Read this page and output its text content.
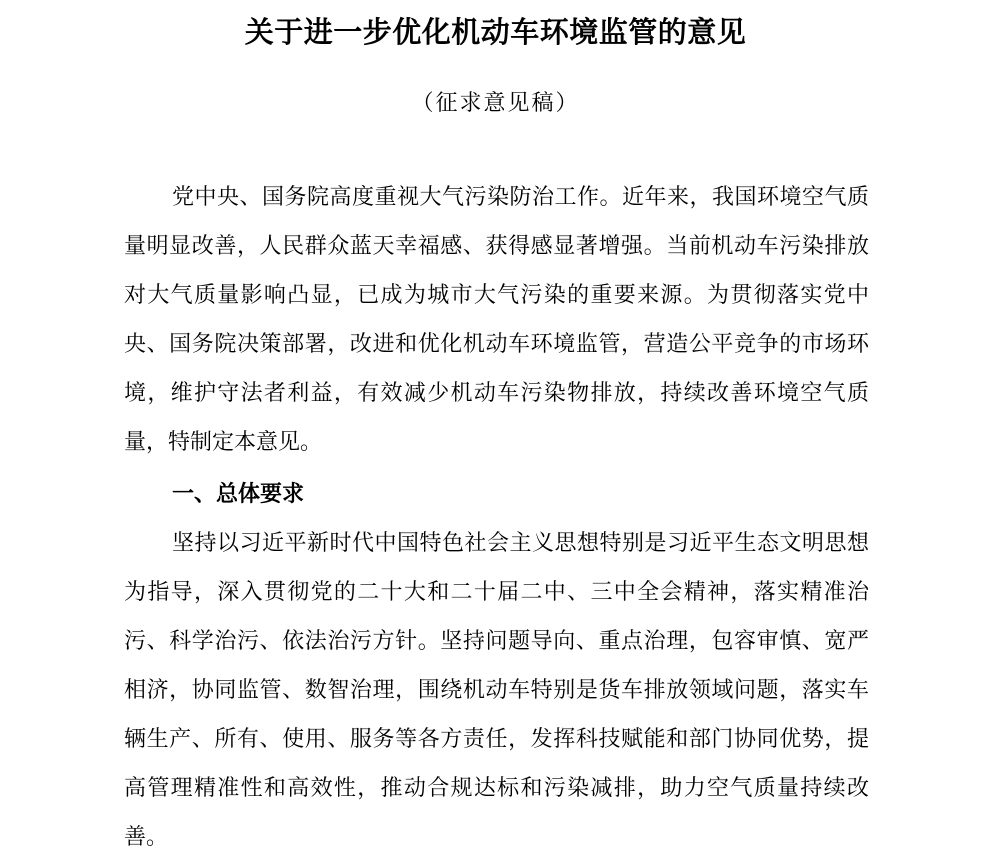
关于进一步优化机动车环境监管的意见
（征求意见稿）

党中央、国务院高度重视大气污染防治工作。近年来，我国环境空气质量明显改善，人民群众蓝天幸福感、获得感显著增强。当前机动车污染排放对大气质量影响凸显，已成为城市大气污染的重要来源。为贯彻落实党中央、国务院决策部署，改进和优化机动车环境监管，营造公平竞争的市场环境，维护守法者利益，有效减少机动车污染物排放，持续改善环境空气质量，特制定本意见。

一、总体要求

坚持以习近平新时代中国特色社会主义思想特别是习近平生态文明思想为指导，深入贯彻党的二十大和二十届二中、三中全会精神，落实精准治污、科学治污、依法治污方针。坚持问题导向、重点治理，包容审慎、宽严相济，协同监管、数智治理，围绕机动车特别是货车排放领域问题，落实车辆生产、所有、使用、服务等各方责任，发挥科技赋能和部门协同优势，提高管理精准性和高效性，推动合规达标和污染减排，助力空气质量持续改善。
